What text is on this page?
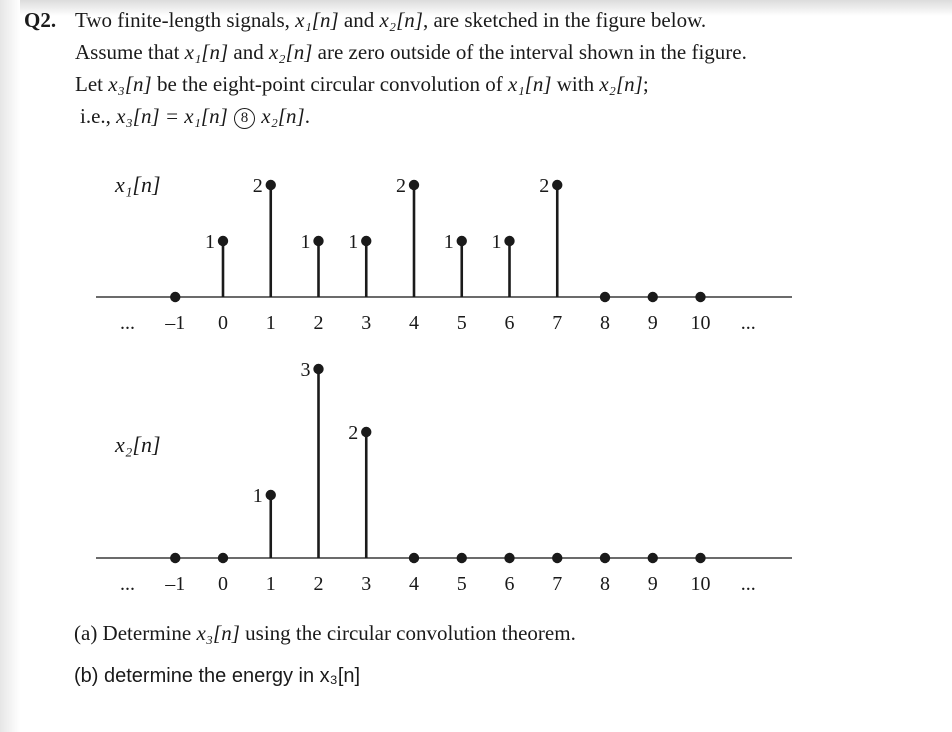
Q2. Two finite-length signals, x₁[n] and x₂[n], are sketched in the figure below.
Assume that x₁[n] and x₂[n] are zero outside of the interval shown in the figure.
Let x₃[n] be the eight-point circular convolution of x₁[n] with x₂[n];
i.e., x₃[n] = x₁[n] 8 x₂[n].
x₁[n]
... –1 0
1
1
2
2
1
3
1
4
2
5
1
6
1
7
2
8 9 10 ...
x₂[n]
... –1 0 1
1
2
3
3
2
4 5 6 7 8 9 10 ...
(a) Determine x₃[n] using the circular convolution theorem.
(b) determine the energy in x₃[n]
